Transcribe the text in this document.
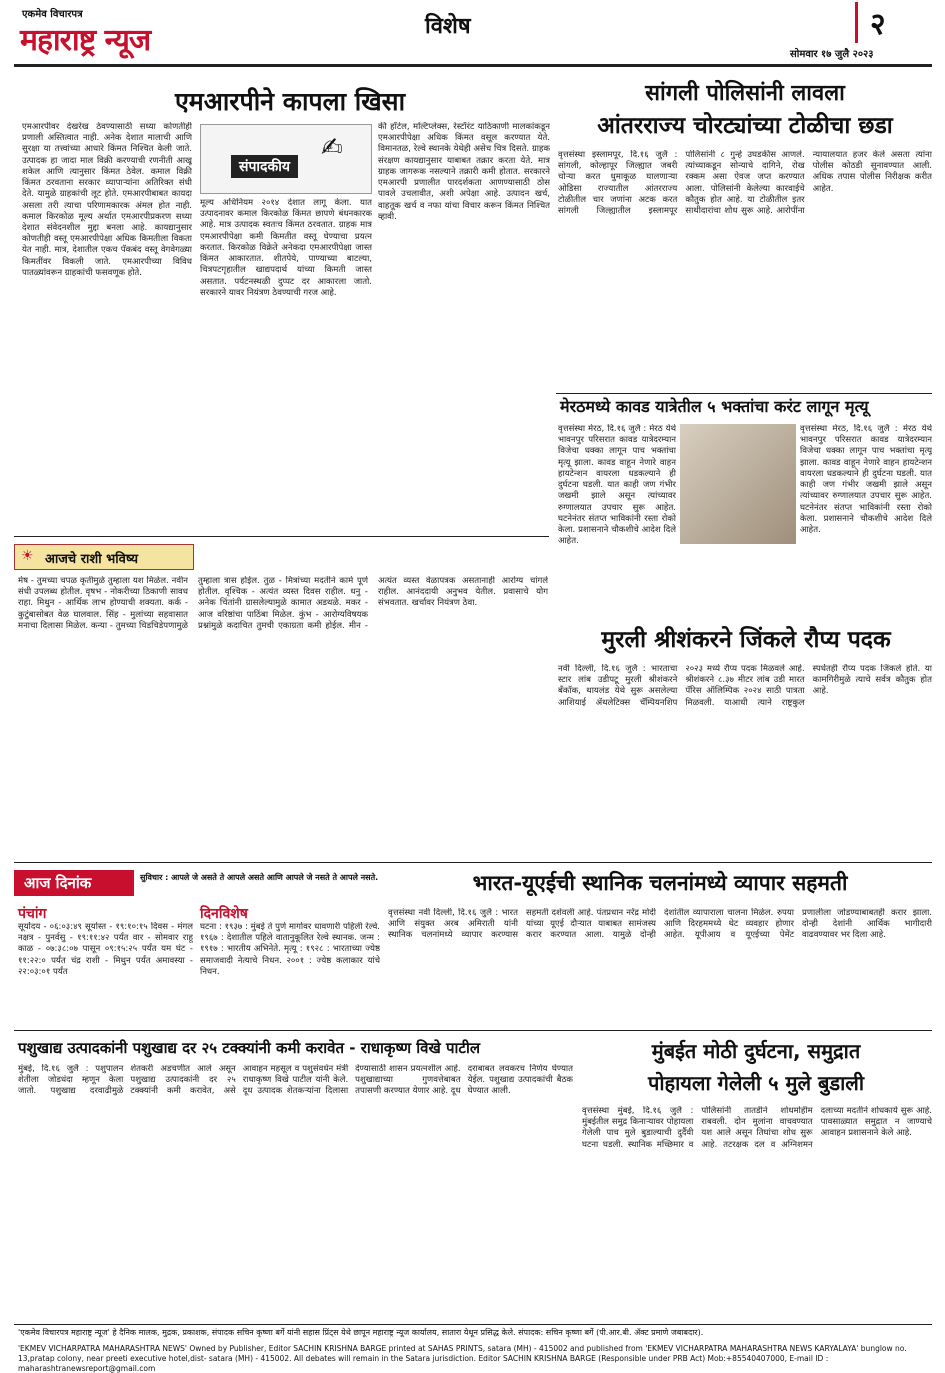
एकमेव विचारपत्र
महाराष्ट्र न्यूज	विशेष	२
सोमवार १७ जुलै २०२३
एमआरपीने कापला खिसा
एमआरपीवर देखरेख ठेवण्यासाठी सध्या कोणतीही प्रणाली अस्तित्वात नाही. अनेक देशात मालाची आणि सुरक्षा या तत्त्वांच्या आधारे किंमत निश्चित केली जाते. उत्पादक हा जादा माल विक्री करण्याची रणनीती आखू शकेल आणि त्यानुसार किंमत ठेवेल. कमाल विक्री किंमत ठरवताना सरकार व्यापाऱ्यांना अतिरिक्त संधी देते. यामुळे ग्राहकांची लूट होते. एमआरपीबाबत कायदा असला तरी त्याचा परिणामकारक अंमल होत नाही. कमाल किरकोळ मूल्य अर्थात एमआरपीप्रकरण सध्या देशात संवेदनशील मुद्दा बनला आहे. कायद्यानुसार कोणतीही वस्तू एमआरपीपेक्षा अधिक किमतीला विकता येत नाही. मात्र, देशातील एकच पॅकबंद वस्तू वेगवेगळ्या किमतींवर विकली जाते. एमआरपीच्या विविध पातळ्यांवरून ग्राहकांची फसवणूक होते.
संपादकीय
✍
मूल्य अधिनियम २०१४ देशात लागू केला. यात उत्पादनावर कमाल किरकोळ किंमत छापणे बंधनकारक आहे. मात्र उत्पादक स्वतःच किंमत ठरवतात. ग्राहक मात्र एमआरपीपेक्षा कमी किमतीत वस्तू घेण्याचा प्रयत्न करतात. किरकोळ विक्रेते अनेकदा एमआरपीपेक्षा जास्त किंमत आकारतात. शीतपेये, पाण्याच्या बाटल्या, चित्रपटगृहातील खाद्यपदार्थ यांच्या किमती जास्त असतात. पर्यटनस्थळी दुप्पट दर आकारला जातो. सरकारने यावर नियंत्रण ठेवण्याची गरज आहे.
की हॉटेल, मल्टिप्लेक्स, रेस्टॉरंट याठिकाणी मालकांकडून एमआरपीपेक्षा अधिक किंमत वसूल करण्यात येते. विमानतळ, रेल्वे स्थानके येथेही असेच चित्र दिसते. ग्राहक संरक्षण कायद्यानुसार याबाबत तक्रार करता येते. मात्र ग्राहक जागरूक नसल्याने तक्रारी कमी होतात. सरकारने एमआरपी प्रणालीत पारदर्शकता आणण्यासाठी ठोस पावले उचलावीत, अशी अपेक्षा आहे. उत्पादन खर्च, वाहतूक खर्च व नफा यांचा विचार करून किंमत निश्चित व्हावी.
सांगली पोलिसांनी लावला
आंतरराज्य चोरट्यांच्या टोळीचा छडा
वृत्तसंस्था इस्लामपूर, दि.१६ जुलै : सांगली, कोल्हापूर जिल्ह्यात जबरी चोऱ्या करत धुमाकूळ घालणाऱ्या ओडिसा राज्यातील आंतरराज्य टोळीतील चार जणांना अटक करत सांगली जिल्ह्यातील इस्लामपूर पोलिसांनी ८ गुन्हे उघडकीस आणले. त्यांच्याकडून सोन्याचे दागिने, रोख रक्कम असा ऐवज जप्त करण्यात आला. पोलिसांनी केलेल्या कारवाईचे कौतुक होत आहे. या टोळीतील इतर साथीदारांचा शोध सुरू आहे. आरोपींना न्यायालयात हजर केले असता त्यांना पोलीस कोठडी सुनावण्यात आली. अधिक तपास पोलीस निरीक्षक करीत आहेत.
मेरठमध्ये कावड यात्रेतील ५ भक्तांचा करंट लागून मृत्यू
वृत्तसंस्था मेरठ, दि.१६ जुलै : मेरठ येथे भावनपुर परिसरात कावड यात्रेदरम्यान विजेचा धक्का लागून पाच भक्तांचा मृत्यू झाला. कावड वाहून नेणारे वाहन हायटेन्शन वायरला धडकल्याने ही दुर्घटना घडली. यात काही जण गंभीर जखमी झाले असून त्यांच्यावर रुग्णालयात उपचार सुरू आहेत. घटनेनंतर संतप्त भाविकांनी रस्ता रोको केला. प्रशासनाने चौकशीचे आदेश दिले आहेत.
वृत्तसंस्था मेरठ, दि.१६ जुलै : मेरठ येथे भावनपुर परिसरात कावड यात्रेदरम्यान विजेचा धक्का लागून पाच भक्तांचा मृत्यू झाला. कावड वाहून नेणारे वाहन हायटेन्शन वायरला धडकल्याने ही दुर्घटना घडली. यात काही जण गंभीर जखमी झाले असून त्यांच्यावर रुग्णालयात उपचार सुरू आहेत. घटनेनंतर संतप्त भाविकांनी रस्ता रोको केला. प्रशासनाने चौकशीचे आदेश दिले आहेत.
☀ आजचे राशी भविष्य
मेष - तुमच्या चपळ कृतीमुळे तुम्हाला यश मिळेल. नवीन संधी उपलब्ध होतील. वृषभ - नोकरीच्या ठिकाणी सावध राहा. मिथुन - आर्थिक लाभ होण्याची शक्यता. कर्क - कुटुंबासोबत वेळ घालवाल. सिंह - मुलांच्या सहवासात मनाचा दिलासा मिळेल. कन्या - तुमच्या चिडचिडेपणामुळे तुम्हाला त्रास होईल. तुळ - मित्रांच्या मदतीने कामे पूर्ण होतील. वृश्चिक - अत्यंत व्यस्त दिवस राहील. धनु - अनेक चिंतांनी ग्रासलेल्यामुळे कामात अडथळे. मकर - आज वरिष्ठांचा पाठिंबा मिळेल. कुंभ - आरोग्यविषयक प्रश्नांमुळे कदाचित तुमची एकाग्रता कमी होईल. मीन - अत्यंत व्यस्त वेळापत्रक असतानाही आरोग्य चांगले राहील. आनंददायी अनुभव येतील. प्रवासाचे योग संभवतात. खर्चावर नियंत्रण ठेवा.
मुरली श्रीशंकरने जिंकले रौप्य पदक
नवी दिल्ली, दि.१६ जुलै : भारताचा स्टार लांब उडीपटू मुरली श्रीशंकरने बँकॉक, थायलंड येथे सुरू असलेल्या आशियाई ॲथलेटिक्स चॅम्पियनशिप २०२३ मध्ये रौप्य पदक मिळवले आहे. श्रीशंकरने ८.३७ मीटर लांब उडी मारत पॅरिस ऑलिम्पिक २०२४ साठी पात्रता मिळवली. याआधी त्याने राष्ट्रकुल स्पर्धेतही रौप्य पदक जिंकले होते. या कामगिरीमुळे त्याचे सर्वत्र कौतुक होत आहे.
आज दिनांक	सुविचार : आपले जे असते ते आपले असते आणि आपले जे नसते ते आपले नसते.
पंचांग
सूर्योदय - ०६:०३:४९ सूर्यास्त - १९:१०:१५ दिवस - मंगल नक्षत्र - पुनर्वसु - १९:११:४२ पर्यंत वार - सोमवार राहू काळ - ०७:३८:०७ पासून ०९:१५:२५ पर्यंत यम घंट - ११:२२:० पर्यंत चंद्र राशी - मिथुन पर्यंत अमावस्या - २२:०३:०१ पर्यंत
दिनविशेष
घटना : १९३७ : मुंबई ते पुणे मार्गावर धावणारी पहिली रेल्वे. १९६७ : देशातील पहिले वातानुकूलित रेल्वे स्थानक. जन्म : १९१७ : भारतीय अभिनेते. मृत्यू : १९२८ : भारताच्या ज्येष्ठ समाजवादी नेत्याचे निधन. २००१ : ज्येष्ठ कलाकार यांचे निधन.
भारत-यूएईची स्थानिक चलनांमध्ये व्यापार सहमती
वृत्तसंस्था नवी दिल्ली, दि.१६ जुलै : भारत आणि संयुक्त अरब अमिराती यांनी स्थानिक चलनांमध्ये व्यापार करण्यास सहमती दर्शवली आहे. पंतप्रधान नरेंद्र मोदी यांच्या यूएई दौऱ्यात याबाबत सामंजस्य करार करण्यात आला. यामुळे दोन्ही देशांतील व्यापाराला चालना मिळेल. रुपया आणि दिरहममध्ये थेट व्यवहार होणार आहेत. यूपीआय व यूएईच्या पेमेंट प्रणालीला जोडण्याबाबतही करार झाला. दोन्ही देशांनी आर्थिक भागीदारी वाढवण्यावर भर दिला आहे.
पशुखाद्य उत्पादकांनी पशुखाद्य दर २५ टक्क्यांनी कमी करावेत - राधाकृष्ण विखे पाटील
मुंबई, दि.१६ जुलै : पशुपालन शेतीला जोडधंदा म्हणून केला जातो. पशुखाद्य दरवाढीमुळे शेतकरी अडचणीत आले असून पशुखाद्य उत्पादकांनी दर २५ टक्क्यांनी कमी करावेत, असे आवाहन महसूल व पशुसंवर्धन मंत्री राधाकृष्ण विखे पाटील यांनी केले. दूध उत्पादक शेतकऱ्यांना दिलासा देण्यासाठी शासन प्रयत्नशील आहे. पशुखाद्याच्या गुणवत्तेबाबत तपासणी करण्यात येणार आहे. दूध दराबाबत लवकरच निर्णय घेण्यात येईल. पशुखाद्य उत्पादकांची बैठक घेण्यात आली.
मुंबईत मोठी दुर्घटना, समुद्रात
पोहायला गेलेली ५ मुले बुडाली
वृत्तसंस्था मुंबई, दि.१६ जुलै : मुंबईतील समुद्र किनाऱ्यावर पोहायला गेलेली पाच मुले बुडाल्याची दुर्दैवी घटना घडली. स्थानिक मच्छिमार व पोलिसांनी तातडीने शोधमोहीम राबवली. दोन मुलांना वाचवण्यात यश आले असून तिघांचा शोध सुरू आहे. तटरक्षक दल व अग्निशमन दलाच्या मदतीने शोधकार्य सुरू आहे. पावसाळ्यात समुद्रात न जाण्याचे आवाहन प्रशासनाने केले आहे.
'एकमेव विचारपत्र महाराष्ट्र न्यूज' हे दैनिक मालक, मुद्रक, प्रकाशक, संपादक सचिन कृष्णा बर्गे यांनी सहास प्रिंट्स येथे छापून महाराष्ट्र न्यूज कार्यालय, सातारा येथून प्रसिद्ध केले. संपादक: सचिन कृष्णा बर्गे (पी.आर.बी. ॲक्ट प्रमाणे जबाबदार).
'EKMEV VICHARPATRA MAHARASHTRA NEWS' Owned by Publisher, Editor SACHIN KRISHNA BARGE printed at SAHAS PRINTS, satara (MH) - 415002 and published from 'EKMEV VICHARPATRA MAHARASHTRA NEWS KARYALAYA' bunglow no. 13,pratap colony, near preeti executive hotel,dist- satara (MH) - 415002. All debates will remain in the Satara jurisdiction. Editor SACHIN KRISHNA BARGE (Responsible under PRB Act) Mob:+85540407000, E-mail ID : maharashtranewsreport@gmail.com
